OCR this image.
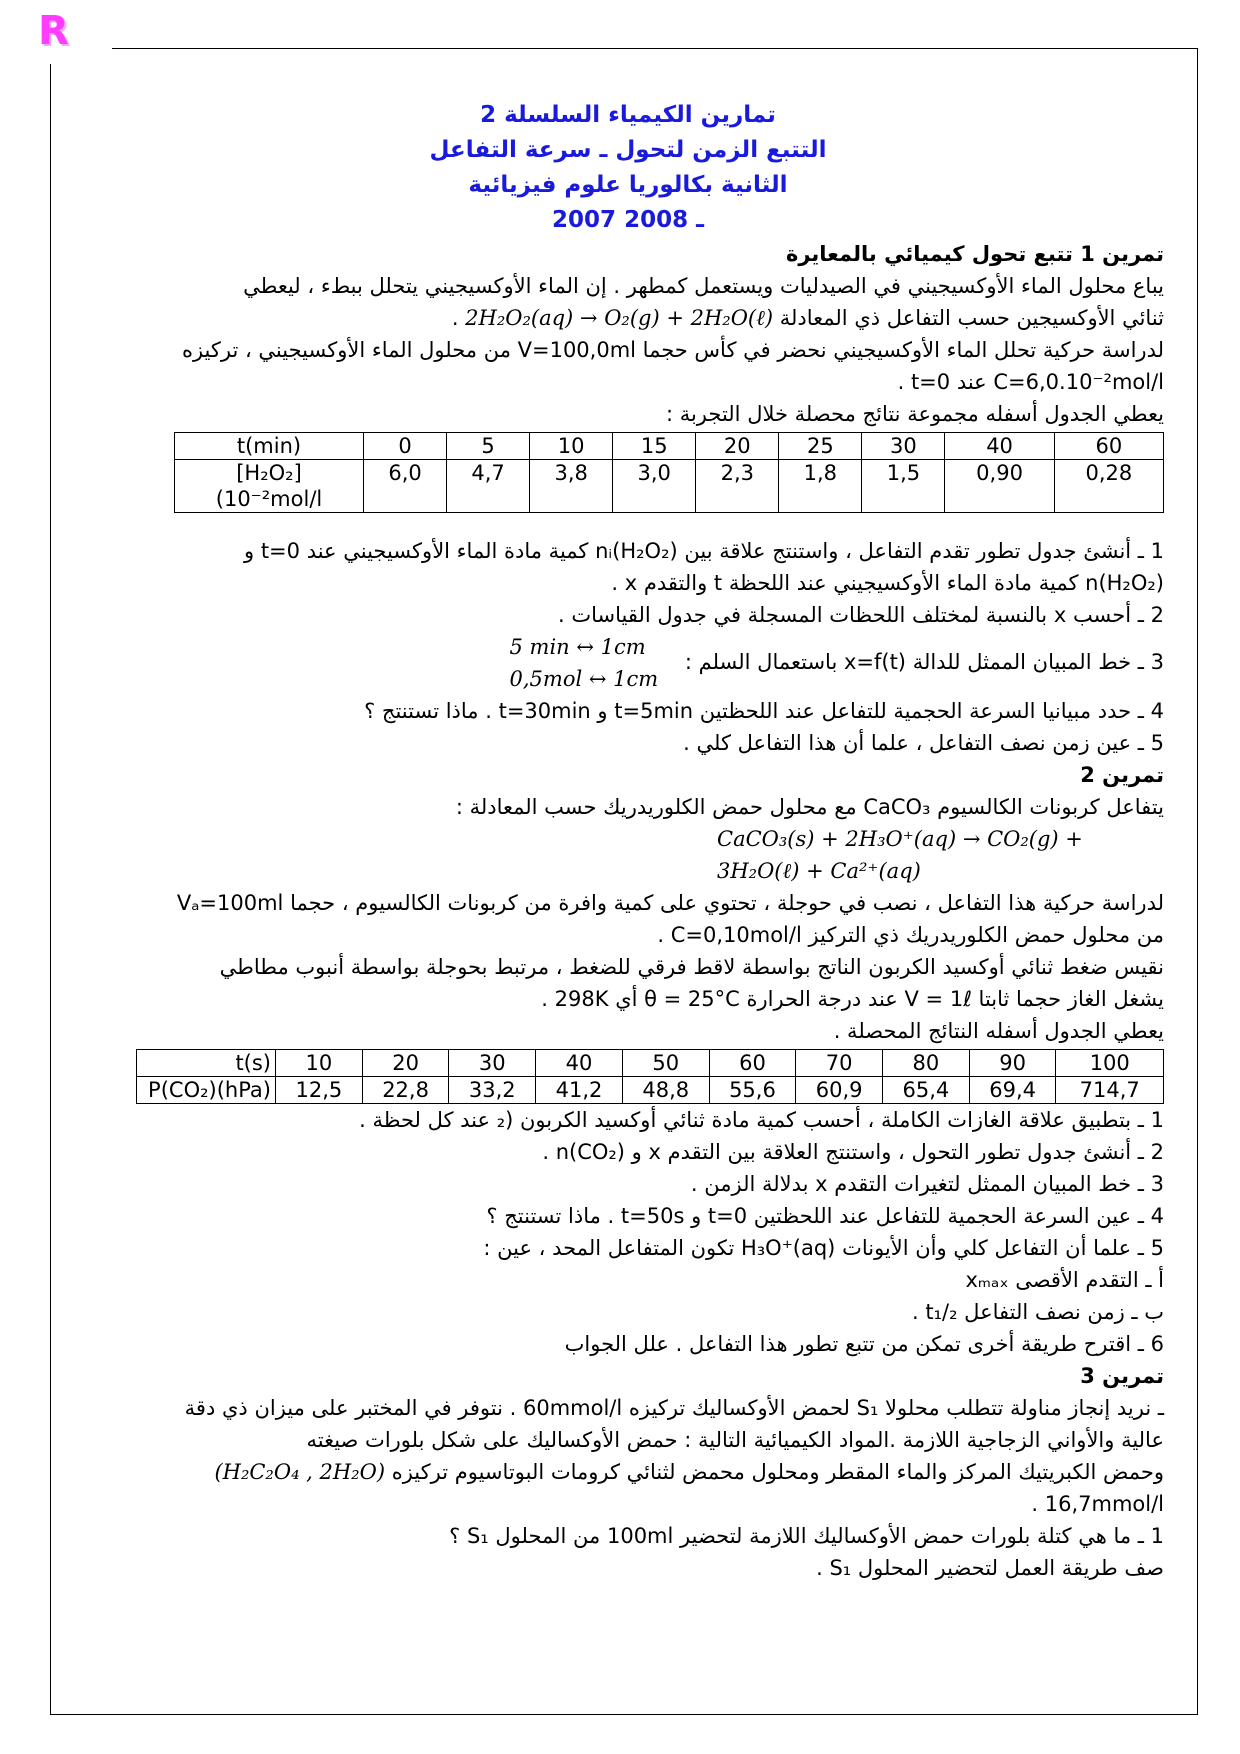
R
تمارين الكيمياء السلسلة 2
التتبع الزمن لتحول ـ سرعة التفاعل
الثانية بكالوريا علوم فيزيائية
2007 ـ 2008
تمرين 1 تتبع تحول كيميائي بالمعايرة
يباع محلول الماء الأوكسيجيني في الصيدليات ويستعمل كمطهر . إن الماء الأوكسيجيني يتحلل ببطء ، ليعطي
ثنائي الأوكسيجين حسب التفاعل ذي المعادلة 2H₂O₂(aq) → O₂(g) + 2H₂O(ℓ) .
لدراسة حركية تحلل الماء الأوكسيجيني نحضر في كأس حجما V=100,0ml من محلول الماء الأوكسيجيني ، تركيزه
C=6,0.10⁻²mol/l عند t=0 .
يعطي الجدول أسفله مجموعة نتائج محصلة خلال التجربة :
t(min)	0	5	10	15	20	25	30	40	60

[H₂O₂]
(10⁻²mol/l	6,0	4,7	3,8	3,0	2,3	1,8	1,5	0,90	0,28
1 ـ أنشئ جدول تطور تقدم التفاعل ، واستنتج علاقة بين nᵢ(H₂O₂) كمية مادة الماء الأوكسيجيني عند t=0 و
n(H₂O₂) كمية مادة الماء الأوكسيجيني عند اللحظة t والتقدم x .
2 ـ أحسب x بالنسبة لمختلف اللحظات المسجلة في جدول القياسات .
3 ـ خط المبيان الممثل للدالة x=f(t) باستعمال السلم :
5 min ↔ 1cm
0,5mol ↔ 1cm
4 ـ حدد مبيانيا السرعة الحجمية للتفاعل عند اللحظتين t=5min و t=30min . ماذا تستنتج ؟
5 ـ عين زمن نصف التفاعل ، علما أن هذا التفاعل كلي .
تمرين 2
يتفاعل كربونات الكالسيوم CaCO₃ مع محلول حمض الكلوريدريك حسب المعادلة :
CaCO₃(s) + 2H₃O⁺(aq) → CO₂(g) + 3H₂O(ℓ) + Ca²⁺(aq)
لدراسة حركية هذا التفاعل ، نصب في حوجلة ، تحتوي على كمية وافرة من كربونات الكالسيوم ، حجما Vₐ=100ml
من محلول حمض الكلوريدريك ذي التركيز C=0,10mol/l .
نقيس ضغط ثنائي أوكسيد الكربون الناتج بواسطة لاقط فرقي للضغط ، مرتبط بحوجلة بواسطة أنبوب مطاطي
يشغل الغاز حجما ثابتا V = 1ℓ عند درجة الحرارة θ = 25°C أي 298K .
يعطي الجدول أسفله النتائج المحصلة .
t(s)	10	20	30	40	50	60	70	80	90	100
P(CO₂)(hPa)	12,5	22,8	33,2	41,2	48,8	55,6	60,9	65,4	69,4	714,7
1 ـ بتطبيق علاقة الغازات الكاملة ، أحسب كمية مادة ثنائي أوكسيد الكربون (₂ عند كل لحظة .
2 ـ أنشئ جدول تطور التحول ، واستنتج العلاقة بين التقدم x و n(CO₂) .
3 ـ خط المبيان الممثل لتغيرات التقدم x بدلالة الزمن .
4 ـ عين السرعة الحجمية للتفاعل عند اللحظتين t=0 و t=50s . ماذا تستنتج ؟
5 ـ علما أن التفاعل كلي وأن الأيونات H₃O⁺(aq) تكون المتفاعل المحد ، عين :
أ ـ التقدم الأقصى xₘₐₓ
ب ـ زمن نصف التفاعل t₁/₂ .
6 ـ اقترح طريقة أخرى تمكن من تتبع تطور هذا التفاعل . علل الجواب
تمرين 3
ـ نريد إنجاز مناولة تتطلب محلولا S₁ لحمض الأوكساليك تركيزه 60mmol/l . نتوفر في المختبر على ميزان ذي دقة
عالية والأواني الزجاجية اللازمة .المواد الكيميائية التالية : حمض الأوكساليك على شكل بلورات صيغته
وحمض الكبريتيك المركز والماء المقطر ومحلول محمض لثنائي كرومات البوتاسيوم تركيزه (H₂C₂O₄ , 2H₂O)
16,7mmol/l .
1 ـ ما هي كتلة بلورات حمض الأوكساليك اللازمة لتحضير 100ml من المحلول S₁ ؟
صف طريقة العمل لتحضير المحلول S₁ .
